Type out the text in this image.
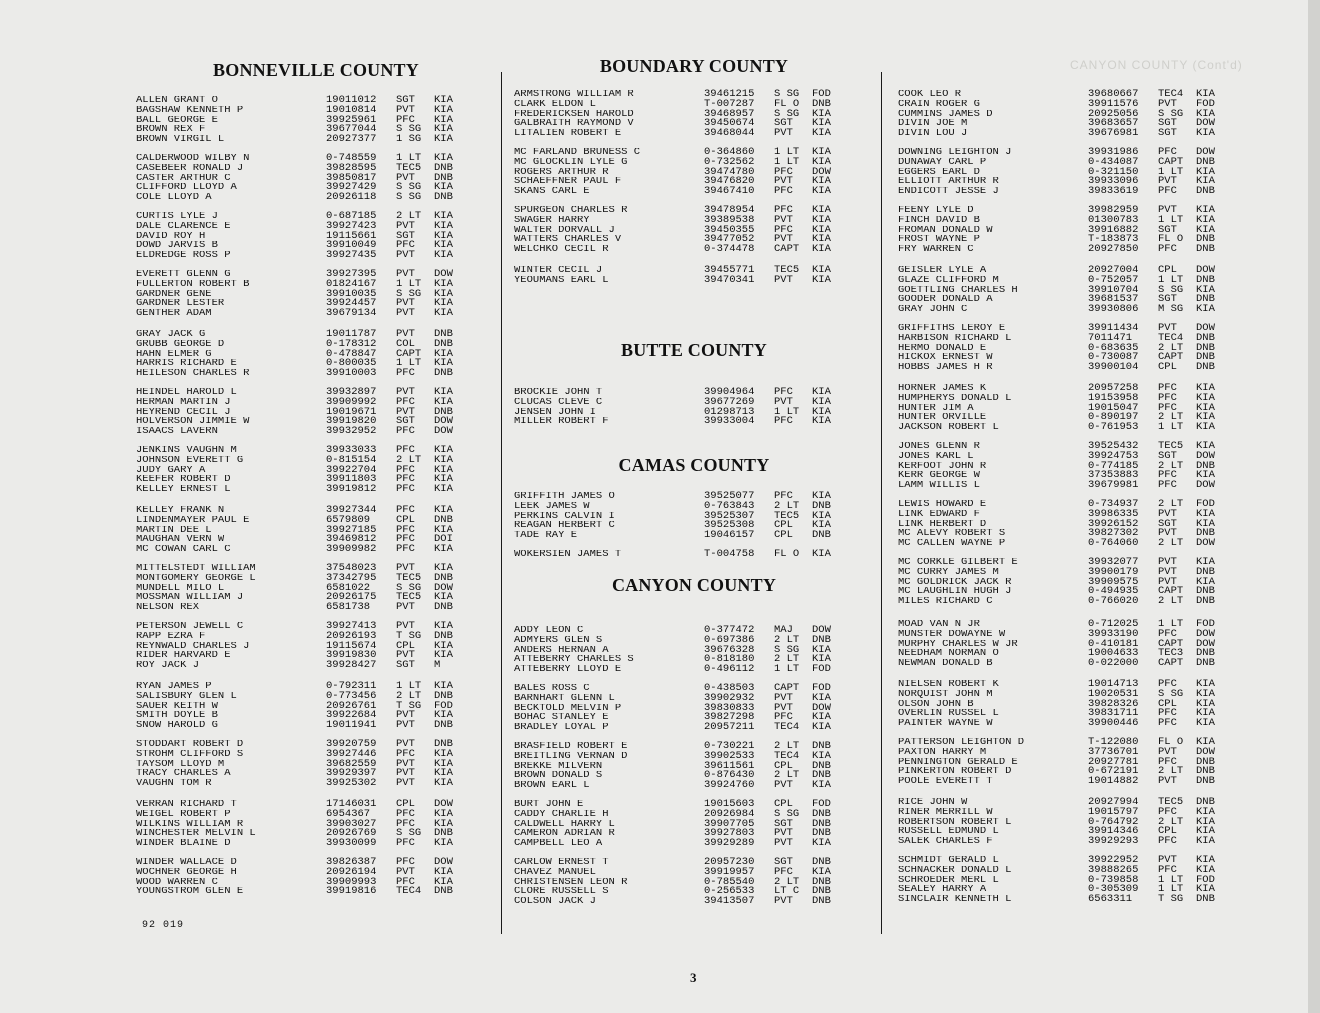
CANYON COUNTY (Cont'd)
BONNEVILLE COUNTY
ALLEN GRANT O	19011012	SGT	KIA
BAGSHAW KENNETH P	19010814	PVT	KIA
BALL GEORGE E	39925961	PFC	KIA
BROWN REX F	39677044	S SG	KIA
BROWN VIRGIL L	20927377	1 SG	KIA
CALDERWOOD WILBY N	0-748559	1 LT	KIA
CASEBEER RONALD J	39828595	TEC5	DNB
CASTER ARTHUR C	39850817	PVT	DNB
CLIFFORD LLOYD A	39927429	S SG	KIA
COLE LLOYD A	20926118	S SG	DNB
CURTIS LYLE J	0-687185	2 LT	KIA
DALE CLARENCE E	39927423	PVT	KIA
DAVID ROY H	19115661	SGT	KIA
DOWD JARVIS B	39910049	PFC	KIA
ELDREDGE ROSS P	39927435	PVT	KIA
EVERETT GLENN G	39927395	PVT	DOW
FULLERTON ROBERT B	01824167	1 LT	KIA
GARDNER GENE	39910035	S SG	KIA
GARDNER LESTER	39924457	PVT	KIA
GENTHER ADAM	39679134	PVT	KIA
GRAY JACK G	19011787	PVT	DNB
GRUBB GEORGE D	0-178312	COL	DNB
HAHN ELMER G	0-478847	CAPT	KIA
HARRIS RICHARD E	0-800035	1 LT	KIA
HEILESON CHARLES R	39910003	PFC	DNB
HEINDEL HAROLD L	39932897	PVT	KIA
HERMAN MARTIN J	39909992	PFC	KIA
HEYREND CECIL J	19019671	PVT	DNB
HOLVERSON JIMMIE W	39919820	SGT	DOW
ISAACS LAVERN	39932952	PFC	DOW
JENKINS VAUGHN M	39933033	PFC	KIA
JOHNSON EVERETT G	0-815154	2 LT	KIA
JUDY GARY A	39922704	PFC	KIA
KEEFER ROBERT D	39911803	PFC	KIA
KELLEY ERNEST L	39919812	PFC	KIA
KELLEY FRANK N	39927344	PFC	KIA
LINDENMAYER PAUL E	6579809	CPL	DNB
MARTIN DEE L	39927185	PFC	KIA
MAUGHAN VERN W	39469812	PFC	DOI
MC COWAN CARL C	39909982	PFC	KIA
MITTELSTEDT WILLIAM	37548023	PVT	KIA
MONTGOMERY GEORGE L	37342795	TEC5	DNB
MUNDELL MILO L	6581022	S SG	DOW
MOSSMAN WILLIAM J	20926175	TEC5	KIA
NELSON REX	6581738	PVT	DNB
PETERSON JEWELL C	39927413	PVT	KIA
RAPP EZRA F	20926193	T SG	DNB
REYNWALD CHARLES J	19115674	CPL	KIA
RIDER HARVARD E	39919830	PVT	KIA
ROY JACK J	39928427	SGT	M
RYAN JAMES P	0-792311	1 LT	KIA
SALISBURY GLEN L	0-773456	2 LT	DNB
SAUER KEITH W	20926761	T SG	FOD
SMITH DOYLE B	39922684	PVT	KIA
SNOW HAROLD G	19011941	PVT	DNB
STODDART ROBERT D	39920759	PVT	DNB
STROHM CLIFFORD S	39927446	PFC	KIA
TAYSOM LLOYD M	39682559	PVT	KIA
TRACY CHARLES A	39929397	PVT	KIA
VAUGHN TOM R	39925302	PVT	KIA
VERRAN RICHARD T	17146031	CPL	DOW
WEIGEL ROBERT P	6954367	PFC	KIA
WILKINS WILLIAM R	39903027	PFC	KIA
WINCHESTER MELVIN L	20926769	S SG	DNB
WINDER BLAINE D	39930099	PFC	KIA
WINDER WALLACE D	39826387	PFC	DOW
WOCHNER GEORGE H	20926194	PVT	KIA
WOOD WARREN C	39909993	PFC	KIA
YOUNGSTROM GLEN E	39919816	TEC4	DNB
BOUNDARY COUNTY
ARMSTRONG WILLIAM R	39461215	S SG	FOD
CLARK ELDON L	T-007287	FL O	DNB
FREDERICKSEN HAROLD	39468957	S SG	KIA
GALBRAITH RAYMOND V	39450674	SGT	KIA
LITALIEN ROBERT E	39468044	PVT	KIA
MC FARLAND BRUNESS C	0-364860	1 LT	KIA
MC GLOCKLIN LYLE G	0-732562	1 LT	KIA
ROGERS ARTHUR R	39474780	PFC	DOW
SCHAEFFNER PAUL F	39476820	PVT	KIA
SKANS CARL E	39467410	PFC	KIA
SPURGEON CHARLES R	39478954	PFC	KIA
SWAGER HARRY	39389538	PVT	KIA
WALTER DORVALL J	39450355	PFC	KIA
WATTERS CHARLES V	39477052	PVT	KIA
WELCHKO CECIL R	0-374478	CAPT	KIA
WINTER CECIL J	39455771	TEC5	KIA
YEOUMANS EARL L	39470341	PVT	KIA
BUTTE COUNTY
BROCKIE JOHN T	39904964	PFC	KIA
CLUCAS CLEVE C	39677269	PVT	KIA
JENSEN JOHN I	01298713	1 LT	KIA
MILLER ROBERT F	39933004	PFC	KIA
CAMAS COUNTY
GRIFFITH JAMES O	39525077	PFC	KIA
LEEK JAMES W	0-763843	2 LT	DNB
PERKINS CALVIN I	39525307	TEC5	KIA
REAGAN HERBERT C	39525308	CPL	KIA
TADE RAY E	19046157	CPL	DNB
WOKERSIEN JAMES T	T-004758	FL O	KIA
CANYON COUNTY
ADDY LEON C	0-377472	MAJ	DOW
ADMYERS GLEN S	0-697386	2 LT	DNB
ANDERS HERNAN A	39676328	S SG	KIA
ATTEBERRY CHARLES S	0-818180	2 LT	KIA
ATTEBERRY LLOYD E	0-496112	1 LT	FOD
BALES ROSS C	0-438503	CAPT	FOD
BARNHART GLENN L	39902932	PVT	KIA
BECKTOLD MELVIN P	39830833	PVT	DOW
BOHAC STANLEY E	39827298	PFC	KIA
BRADLEY LOYAL P	20957211	TEC4	KIA
BRASFIELD ROBERT E	0-730221	2 LT	DNB
BREITLING VERNAN D	39902533	TEC4	KIA
BREKKE MILVERN	39611561	CPL	DNB
BROWN DONALD S	0-876430	2 LT	DNB
BROWN EARL L	39924760	PVT	KIA
BURT JOHN E	19015603	CPL	FOD
CADDY CHARLIE H	20926984	S SG	DNB
CALDWELL HARRY L	39907705	SGT	DNB
CAMERON ADRIAN R	39927803	PVT	DNB
CAMPBELL LEO A	39929289	PVT	KIA
CARLOW ERNEST T	20957230	SGT	DNB
CHAVEZ MANUEL	39919957	PFC	KIA
CHRISTENSEN LEON R	0-785540	2 LT	DNB
CLORE RUSSELL S	0-256533	LT C	DNB
COLSON JACK J	39413507	PVT	DNB
COOK LEO R	39680667	TEC4	KIA
CRAIN ROGER G	39911576	PVT	FOD
CUMMINS JAMES D	20925056	S SG	KIA
DIVIN JOE M	39683657	SGT	DOW
DIVIN LOU J	39676981	SGT	KIA
DOWNING LEIGHTON J	39931986	PFC	DOW
DUNAWAY CARL P	0-434087	CAPT	DNB
EGGERS EARL D	0-321150	1 LT	KIA
ELLIOTT ARTHUR R	39933096	PVT	KIA
ENDICOTT JESSE J	39833619	PFC	DNB
FEENY LYLE D	39982959	PVT	KIA
FINCH DAVID B	01300783	1 LT	KIA
FROMAN DONALD W	39916882	SGT	KIA
FROST WAYNE P	T-183873	FL O	DNB
FRY WARREN C	20927850	PFC	DNB
GEISLER LYLE A	20927004	CPL	DOW
GLAZE CLIFFORD M	0-752057	1 LT	DNB
GOETTLING CHARLES H	39910704	S SG	KIA
GOODER DONALD A	39681537	SGT	DNB
GRAY JOHN C	39930806	M SG	KIA
GRIFFITHS LEROY E	39911434	PVT	DOW
HARBISON RICHARD L	7011471	TEC4	DNB
HERMO DONALD E	0-683635	2 LT	DNB
HICKOX ERNEST W	0-730087	CAPT	DNB
HOBBS JAMES H R	39900104	CPL	DNB
HORNER JAMES K	20957258	PFC	KIA
HUMPHERYS DONALD L	19153958	PFC	KIA
HUNTER JIM A	19015047	PFC	KIA
HUNTER ORVILLE	0-890197	2 LT	KIA
JACKSON ROBERT L	0-761953	1 LT	KIA
JONES GLENN R	39525432	TEC5	KIA
JONES KARL L	39924753	SGT	DOW
KERFOOT JOHN R	0-774185	2 LT	DNB
KERR GEORGE W	37353883	PFC	KIA
LAMM WILLIS L	39679981	PFC	DOW
LEWIS HOWARD E	0-734937	2 LT	FOD
LINK EDWARD F	39986335	PVT	KIA
LINK HERBERT D	39926152	SGT	KIA
MC ALEVY ROBERT S	39827302	PVT	DNB
MC CALLEN WAYNE P	0-764060	2 LT	DOW
MC CORKLE GILBERT E	39932077	PVT	KIA
MC CURRY JAMES M	39900179	PVT	DNB
MC GOLDRICK JACK R	39909575	PVT	KIA
MC LAUGHLIN HUGH J	0-494935	CAPT	DNB
MILES RICHARD C	0-766020	2 LT	DNB
MOAD VAN N JR	0-712025	1 LT	FOD
MUNSTER DOWAYNE W	39933190	PFC	DOW
MURPHY CHARLES W JR	0-410181	CAPT	DOW
NEEDHAM NORMAN O	19004633	TEC3	DNB
NEWMAN DONALD B	0-022000	CAPT	DNB
NIELSEN ROBERT K	19014713	PFC	KIA
NORQUIST JOHN M	19020531	S SG	KIA
OLSON JOHN B	39828326	CPL	KIA
OVERLIN RUSSEL L	39831711	PFC	KIA
PAINTER WAYNE W	39900446	PFC	KIA
PATTERSON LEIGHTON D	T-122080	FL O	KIA
PAXTON HARRY M	37736701	PVT	DOW
PENNINGTON GERALD E	20927781	PFC	DNB
PINKERTON ROBERT D	0-672191	2 LT	DNB
POOLE EVERETT T	19014882	PVT	DNB
RICE JOHN W	20927994	TEC5	DNB
RINER MERRILL W	19015797	PFC	KIA
ROBERTSON ROBERT L	0-764792	2 LT	KIA
RUSSELL EDMUND L	39914346	CPL	KIA
SALEK CHARLES F	39929293	PFC	KIA
SCHMIDT GERALD L	39922952	PVT	KIA
SCHNACKER DONALD L	39888265	PFC	KIA
SCHROEDER MERL L	0-739858	1 LT	FOD
SEALEY HARRY A	0-305309	1 LT	KIA
SINCLAIR KENNETH L	6563311	T SG	DNB
92 019
3
